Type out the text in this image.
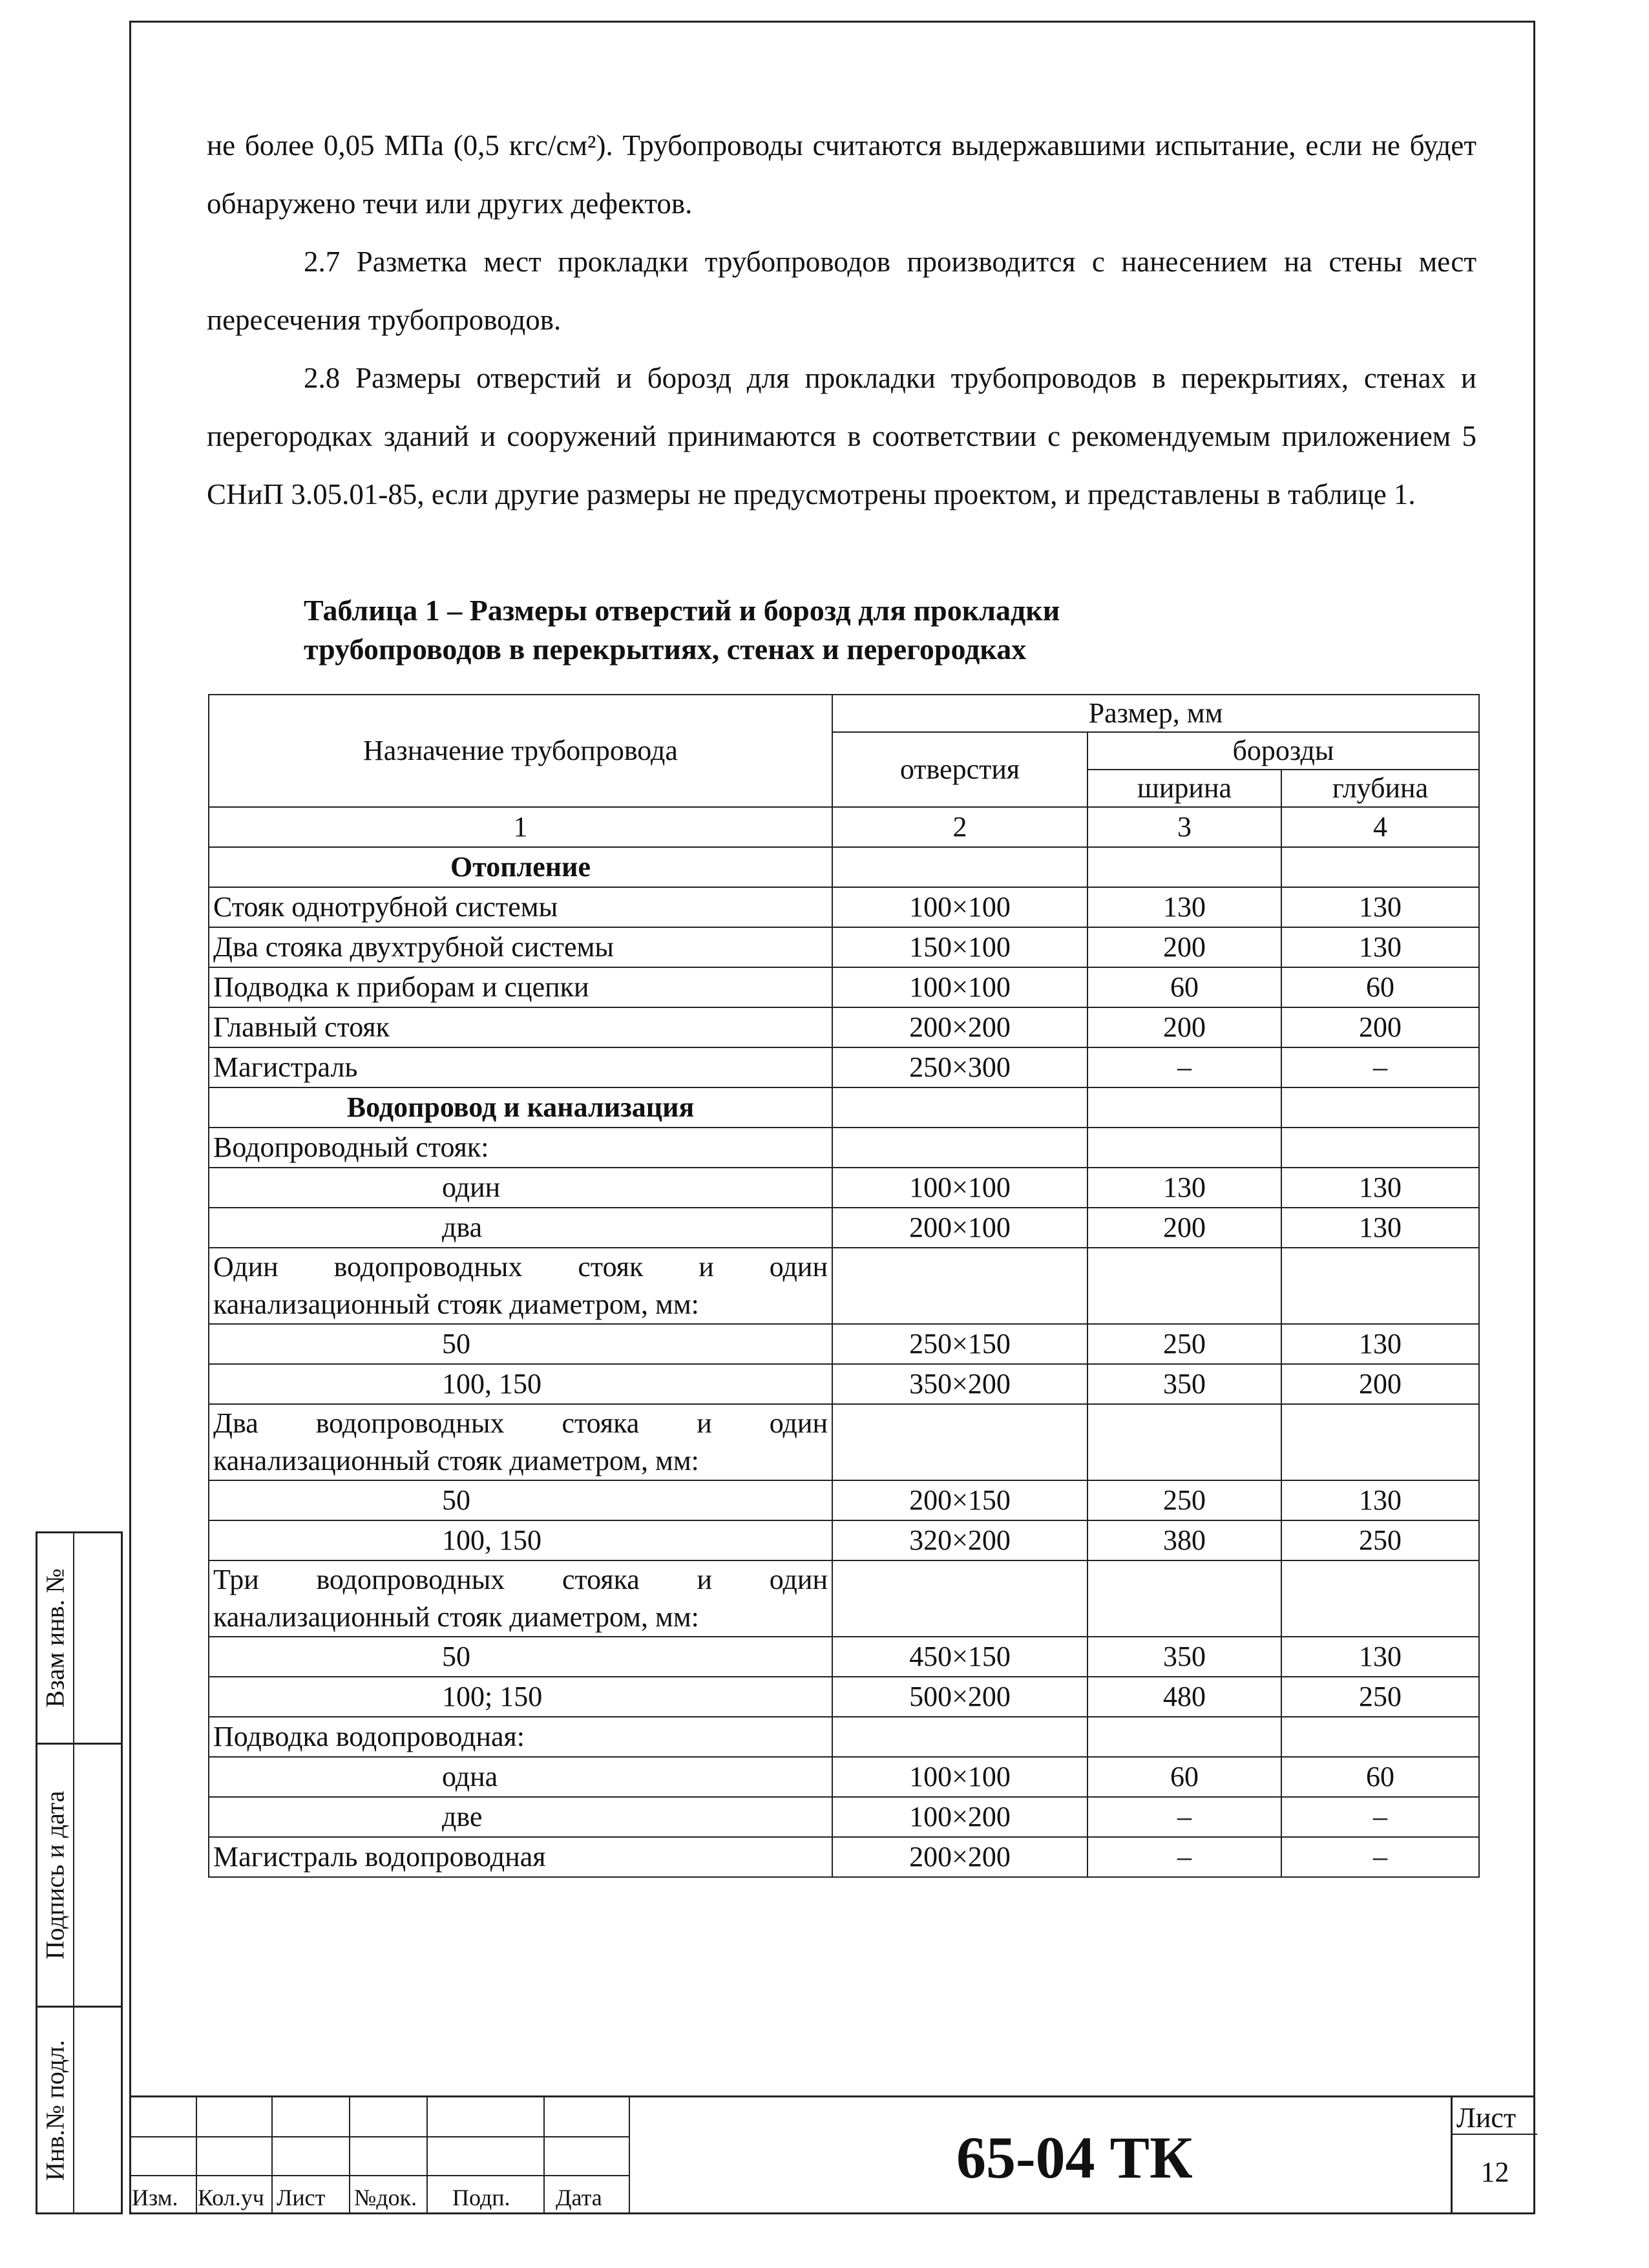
не более 0,05 МПа (0,5 кгс/см²). Трубопроводы считаются выдержавшими испытание, если не будет обнаружено течи или других дефектов.

2.7 Разметка мест прокладки трубопроводов производится с нанесением на стены мест пересечения трубопроводов.

2.8 Размеры отверстий и борозд для прокладки трубопроводов в перекрытиях, стенах и перегородках зданий и сооружений принимаются в соответствии с рекомендуемым приложением 5 СНиП 3.05.01-85, если другие размеры не предусмотрены проектом, и представлены в таблице 1.

Таблица 1 – Размеры отверстий и борозд для прокладки
трубопроводов в перекрытиях, стенах и перегородках
Назначение трубопровода	Размер, мм		
	отверстия	борозды	
		ширина	глубина
1	2	3	4
Отопление			
Стояк однотрубной системы	100×100	130	130
Два стояка двухтрубной системы	150×100	200	130
Подводка к приборам и сцепки	100×100	60	60
Главный стояк	200×200	200	200
Магистраль	250×300	–	–
Водопровод и канализация			
Водопроводный стояк:			
один	100×100	130	130
два	200×100	200	130
Один водопроводных стояк и один канализационный стояк диаметром, мм:			
50	250×150	250	130
100, 150	350×200	350	200
Два водопроводных стояка и один канализационный стояк диаметром, мм:			
50	200×150	250	130
100, 150	320×200	380	250
Три водопроводных стояка и один канализационный стояк диаметром, мм:			
50	450×150	350	130
100; 150	500×200	480	250
Подводка водопроводная:			
одна	100×100	60	60
две	100×200	–	–
Магистраль водопроводная	200×200	–	–
Взам инв. №
Подпись и дата
Инв.№ подл.
Изм. Кол.уч Лист №док. Подп. Дата
65-04 ТК
Лист
12
